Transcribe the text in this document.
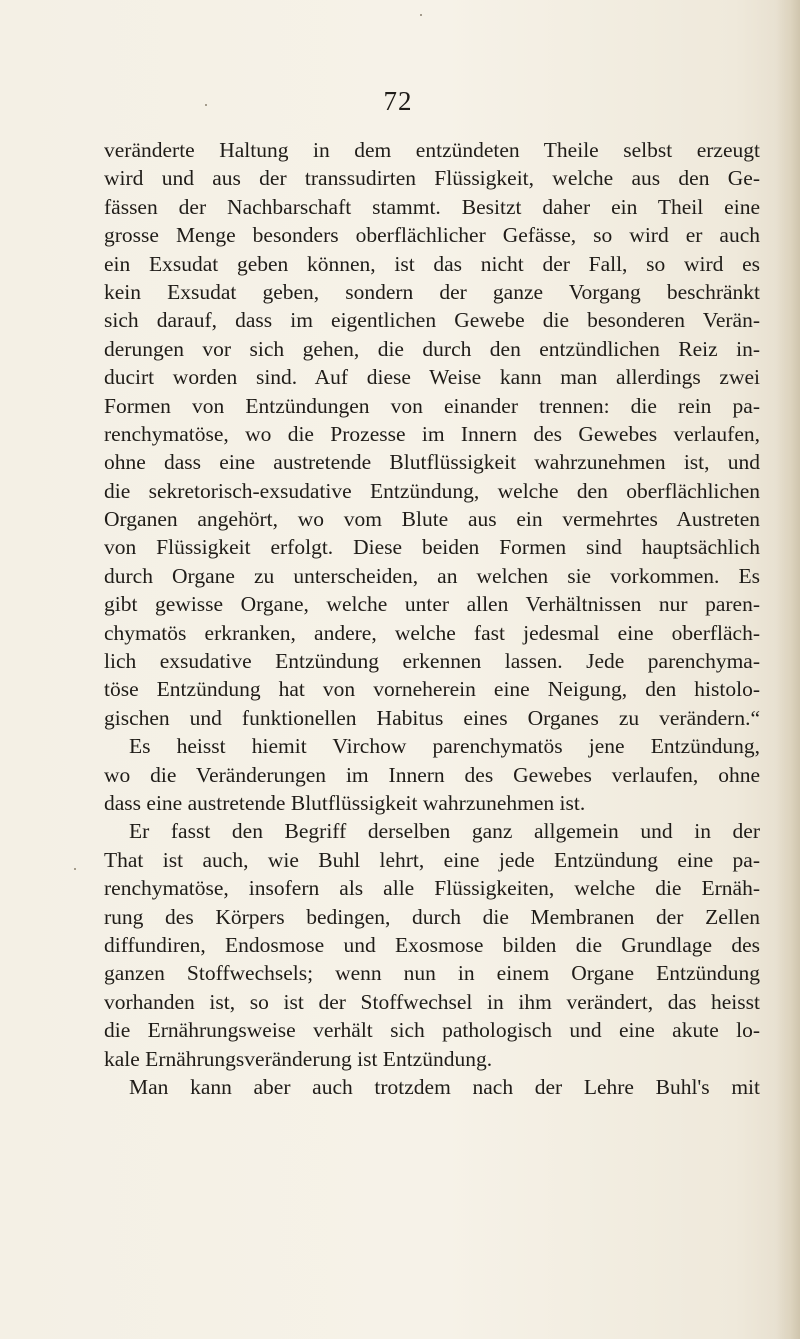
72
veränderte Haltung in dem entzündeten Theile selbst erzeugt
wird und aus der transsudirten Flüssigkeit, welche aus den Ge-
fässen der Nachbarschaft stammt. Besitzt daher ein Theil eine
grosse Menge besonders oberflächlicher Gefässe, so wird er auch
ein Exsudat geben können, ist das nicht der Fall, so wird es
kein Exsudat geben, sondern der ganze Vorgang beschränkt
sich darauf, dass im eigentlichen Gewebe die besonderen Verän-
derungen vor sich gehen, die durch den entzündlichen Reiz in-
ducirt worden sind. Auf diese Weise kann man allerdings zwei
Formen von Entzündungen von einander trennen: die rein pa-
renchymatöse, wo die Prozesse im Innern des Gewebes verlaufen,
ohne dass eine austretende Blutflüssigkeit wahrzunehmen ist, und
die sekretorisch-exsudative Entzündung, welche den oberflächlichen
Organen angehört, wo vom Blute aus ein vermehrtes Austreten
von Flüssigkeit erfolgt. Diese beiden Formen sind hauptsächlich
durch Organe zu unterscheiden, an welchen sie vorkommen. Es
gibt gewisse Organe, welche unter allen Verhältnissen nur paren-
chymatös erkranken, andere, welche fast jedesmal eine oberfläch-
lich exsudative Entzündung erkennen lassen. Jede parenchyma-
töse Entzündung hat von vorneherein eine Neigung, den histolo-
gischen und funktionellen Habitus eines Organes zu verändern.“
Es heisst hiemit Virchow parenchymatös jene Entzündung,
wo die Veränderungen im Innern des Gewebes verlaufen, ohne
dass eine austretende Blutflüssigkeit wahrzunehmen ist.
Er fasst den Begriff derselben ganz allgemein und in der
That ist auch, wie Buhl lehrt, eine jede Entzündung eine pa-
renchymatöse, insofern als alle Flüssigkeiten, welche die Ernäh-
rung des Körpers bedingen, durch die Membranen der Zellen
diffundiren, Endosmose und Exosmose bilden die Grundlage des
ganzen Stoffwechsels; wenn nun in einem Organe Entzündung
vorhanden ist, so ist der Stoffwechsel in ihm verändert, das heisst
die Ernährungsweise verhält sich pathologisch und eine akute lo-
kale Ernährungsveränderung ist Entzündung.
Man kann aber auch trotzdem nach der Lehre Buhl's mit
